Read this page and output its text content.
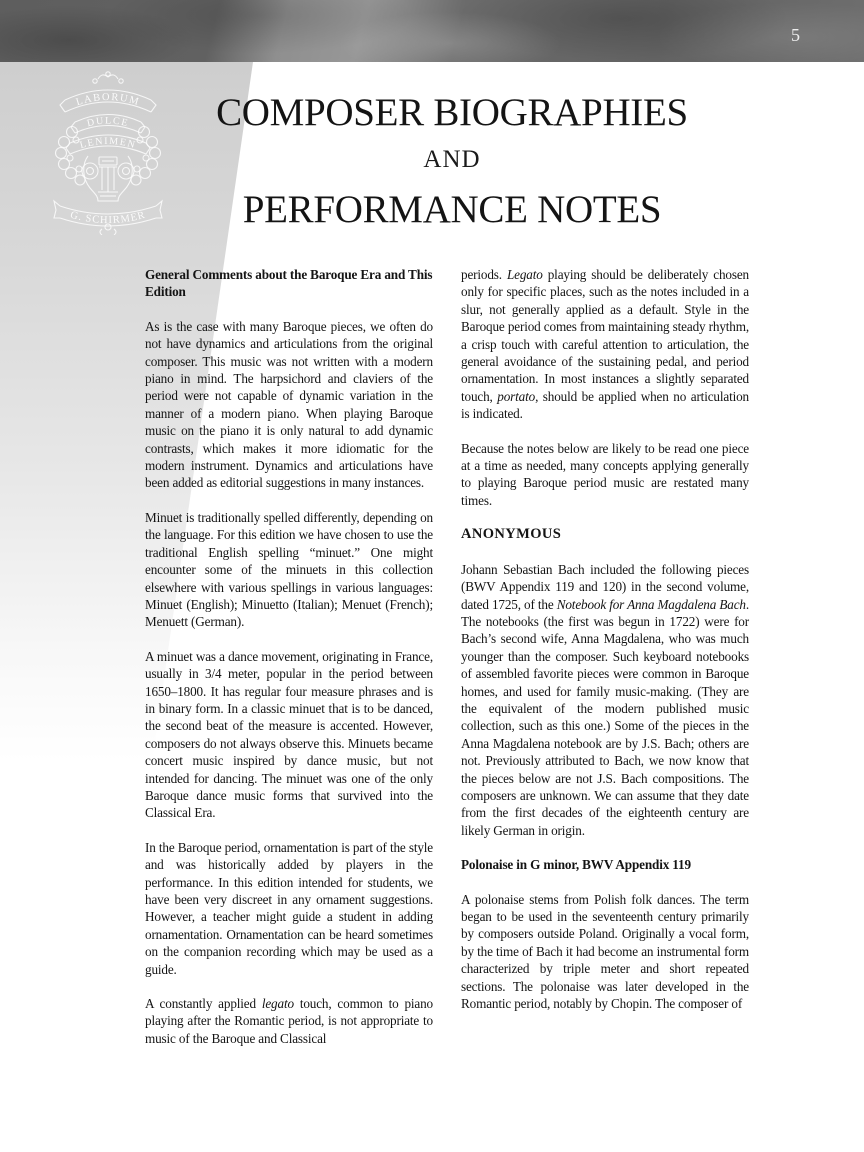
5
LABORUM
DULCE
LENIMEN
G. SCHIRMER
COMPOSER BIOGRAPHIES
AND
PERFORMANCE NOTES

General Comments about the Baroque Era and This Edition

As is the case with many Baroque pieces, we often do not have dynamics and articulations from the original composer. This music was not written with a modern piano in mind. The harpsichord and claviers of the period were not capable of dynamic variation in the manner of a modern piano. When playing Baroque music on the piano it is only natural to add dynamic contrasts, which makes it more idiomatic for the modern instrument. Dynamics and articulations have been added as editorial suggestions in many instances.

Minuet is traditionally spelled differently, depending on the language. For this edition we have chosen to use the traditional English spelling “minuet.” One might encounter some of the minuets in this collection elsewhere with various spellings in various languages: Minuet (English); Minuetto (Italian); Menuet (French); Menuett (German).

A minuet was a dance movement, originating in France, usually in 3/4 meter, popular in the period between 1650–1800. It has regular four measure phrases and is in binary form. In a classic minuet that is to be danced, the second beat of the measure is accented. However, composers do not always observe this. Minuets became concert music inspired by dance music, but not intended for dancing. The minuet was one of the only Baroque dance music forms that survived into the Classical Era.

In the Baroque period, ornamentation is part of the style and was historically added by players in the performance. In this edition intended for students, we have been very discreet in any ornament suggestions. However, a teacher might guide a student in adding ornamentation. Ornamentation can be heard sometimes on the companion recording which may be used as a guide.

A constantly applied legato touch, common to piano playing after the Romantic period, is not appropriate to music of the Baroque and Classical

periods. Legato playing should be deliberately chosen only for specific places, such as the notes included in a slur, not generally applied as a default. Style in the Baroque period comes from maintaining steady rhythm, a crisp touch with careful attention to articulation, the general avoidance of the sustaining pedal, and period ornamentation. In most instances a slightly separated touch, portato, should be applied when no articulation is indicated.

Because the notes below are likely to be read one piece at a time as needed, many concepts applying generally to playing Baroque period music are restated many times.

ANONYMOUS

Johann Sebastian Bach included the following pieces (BWV Appendix 119 and 120) in the second volume, dated 1725, of the Notebook for Anna Magdalena Bach. The notebooks (the first was begun in 1722) were for Bach’s second wife, Anna Magdalena, who was much younger than the composer. Such keyboard notebooks of assembled favorite pieces were common in Baroque homes, and used for family music-making. (They are the equivalent of the modern published music collection, such as this one.) Some of the pieces in the Anna Magdalena notebook are by J.S. Bach; others are not. Previously attributed to Bach, we now know that the pieces below are not J.S. Bach compositions. The composers are unknown. We can assume that they date from the first decades of the eighteenth century are likely German in origin.

Polonaise in G minor, BWV Appendix 119

A polonaise stems from Polish folk dances. The term began to be used in the seventeenth century primarily by composers outside Poland. Originally a vocal form, by the time of Bach it had become an instrumental form characterized by triple meter and short repeated sections. The polonaise was later developed in the Romantic period, notably by Chopin. The composer of
